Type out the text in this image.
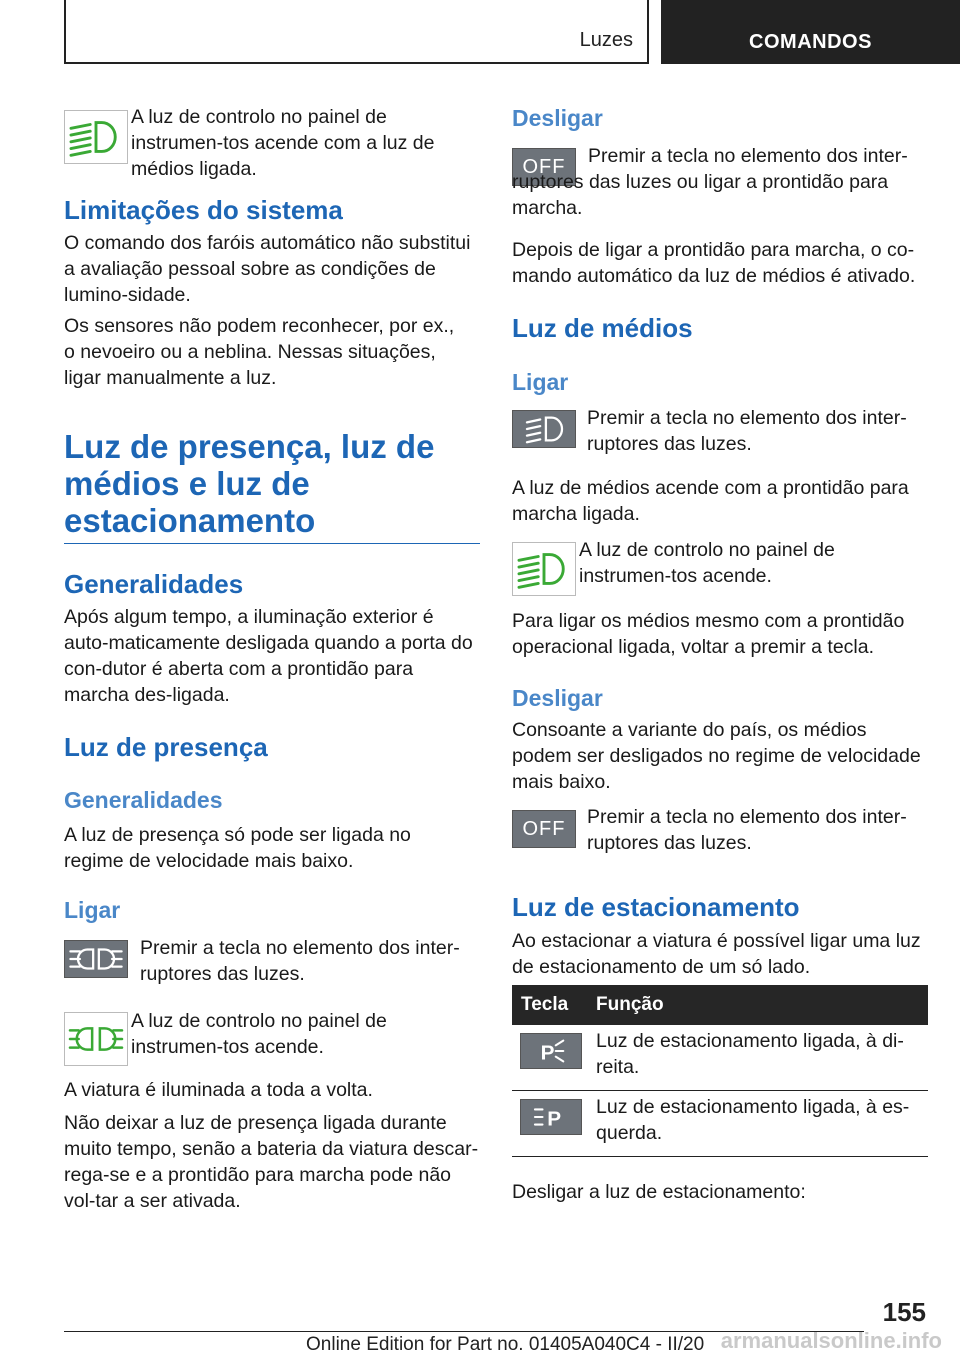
Luzes	COMANDOS

A luz de controlo no painel de instrumen-tos acende com a luz de médios ligada.

Limitações do sistema

O comando dos faróis automático não substitui a avaliação pessoal sobre as condições de lumino-sidade.

Os sensores não podem reconhecer, por ex., o nevoeiro ou a neblina. Nessas situações, ligar manualmente a luz.

Luz de presença, luz de
médios e luz de
estacionamento
Generalidades

Após algum tempo, a iluminação exterior é auto-maticamente desligada quando a porta do con-dutor é aberta com a prontidão para marcha des-ligada.

Luz de presença
Generalidades

A luz de presença só pode ser ligada no regime de velocidade mais baixo.

Ligar

Premir a tecla no elemento dos inter-ruptores das luzes.

A luz de controlo no painel de instrumen-tos acende.

A viatura é iluminada a toda a volta.

Não deixar a luz de presença ligada durante muito tempo, senão a bateria da viatura descar-rega-se e a prontidão para marcha pode não vol-tar a ser ativada.

Desligar
OFF	Premir a tecla no elemento dos inter-ruptores das luzes ou ligar a prontidão para marcha.

Depois de ligar a prontidão para marcha, o co-mando automático da luz de médios é ativado.

Luz de médios
Ligar

Premir a tecla no elemento dos inter-ruptores das luzes.

A luz de médios acende com a prontidão para marcha ligada.

A luz de controlo no painel de instrumen-tos acende.

Para ligar os médios mesmo com a prontidão operacional ligada, voltar a premir a tecla.

Desligar

Consoante a variante do país, os médios podem ser desligados no regime de velocidade mais baixo.

OFF

Premir a tecla no elemento dos inter-ruptores das luzes.

Luz de estacionamento

Ao estacionar a viatura é possível ligar uma luz de estacionamento de um só lado.

Tecla Função
P
Luz de estacionamento ligada, à di-reita.
P
Luz de estacionamento ligada, à es-querda.

Desligar a luz de estacionamento:

155
Online Edition for Part no. 01405A040C4 - II/20 armanualsonline.info
